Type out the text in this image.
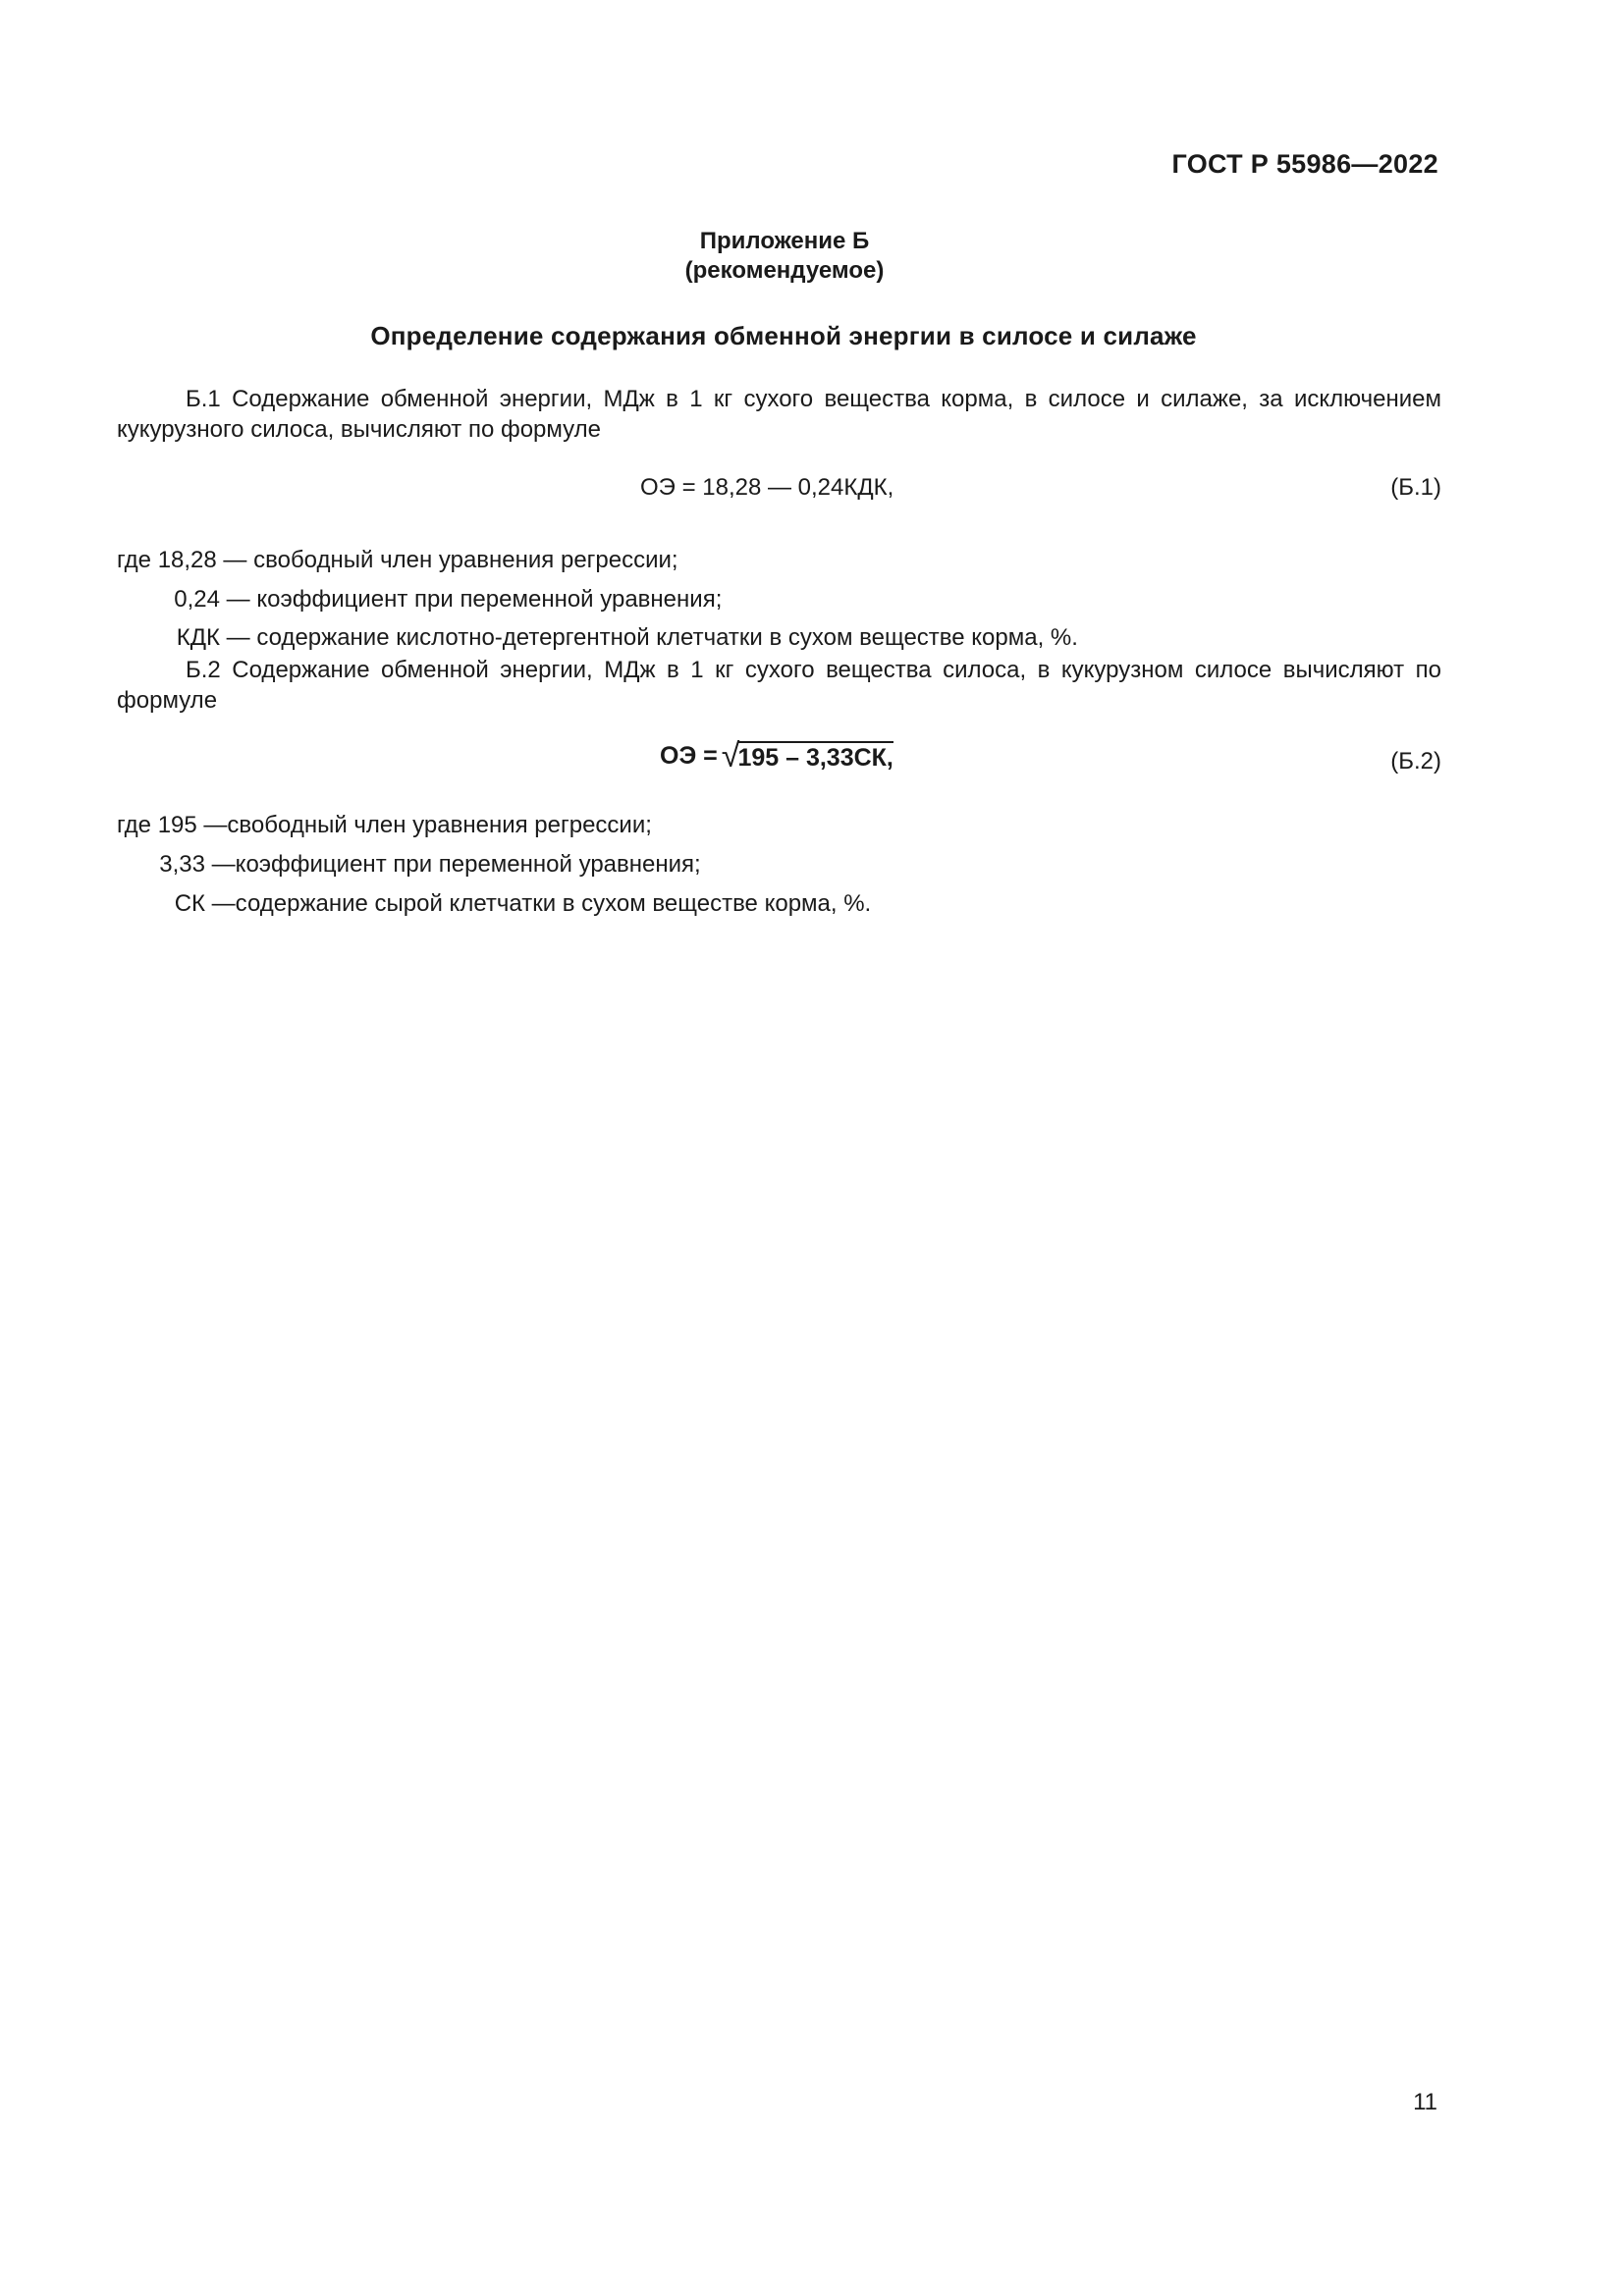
ГОСТ Р 55986—2022
Приложение Б
(рекомендуемое)
Определение содержания обменной энергии в силосе и силаже
Б.1 Содержание обменной энергии, МДж в 1 кг сухого вещества корма, в силосе и силаже, за исключением кукурузного силоса, вычисляют по формуле
ОЭ = 18,28 — 0,24КДК,	(Б.1)
где 18,28 — свободный член уравнения регрессии;
0,24 — коэффициент при переменной уравнения;
КДК — содержание кислотно-детергентной клетчатки в сухом веществе корма, %.
Б.2 Содержание обменной энергии, МДж в 1 кг сухого вещества силоса, в кукурузном силосе вычисляют по формуле
ОЭ = √
195 – 3,33СК,	(Б.2)
где 195 —свободный член уравнения регрессии;
3,33 —коэффициент при переменной уравнения;
СК —содержание сырой клетчатки в сухом веществе корма, %.
11
